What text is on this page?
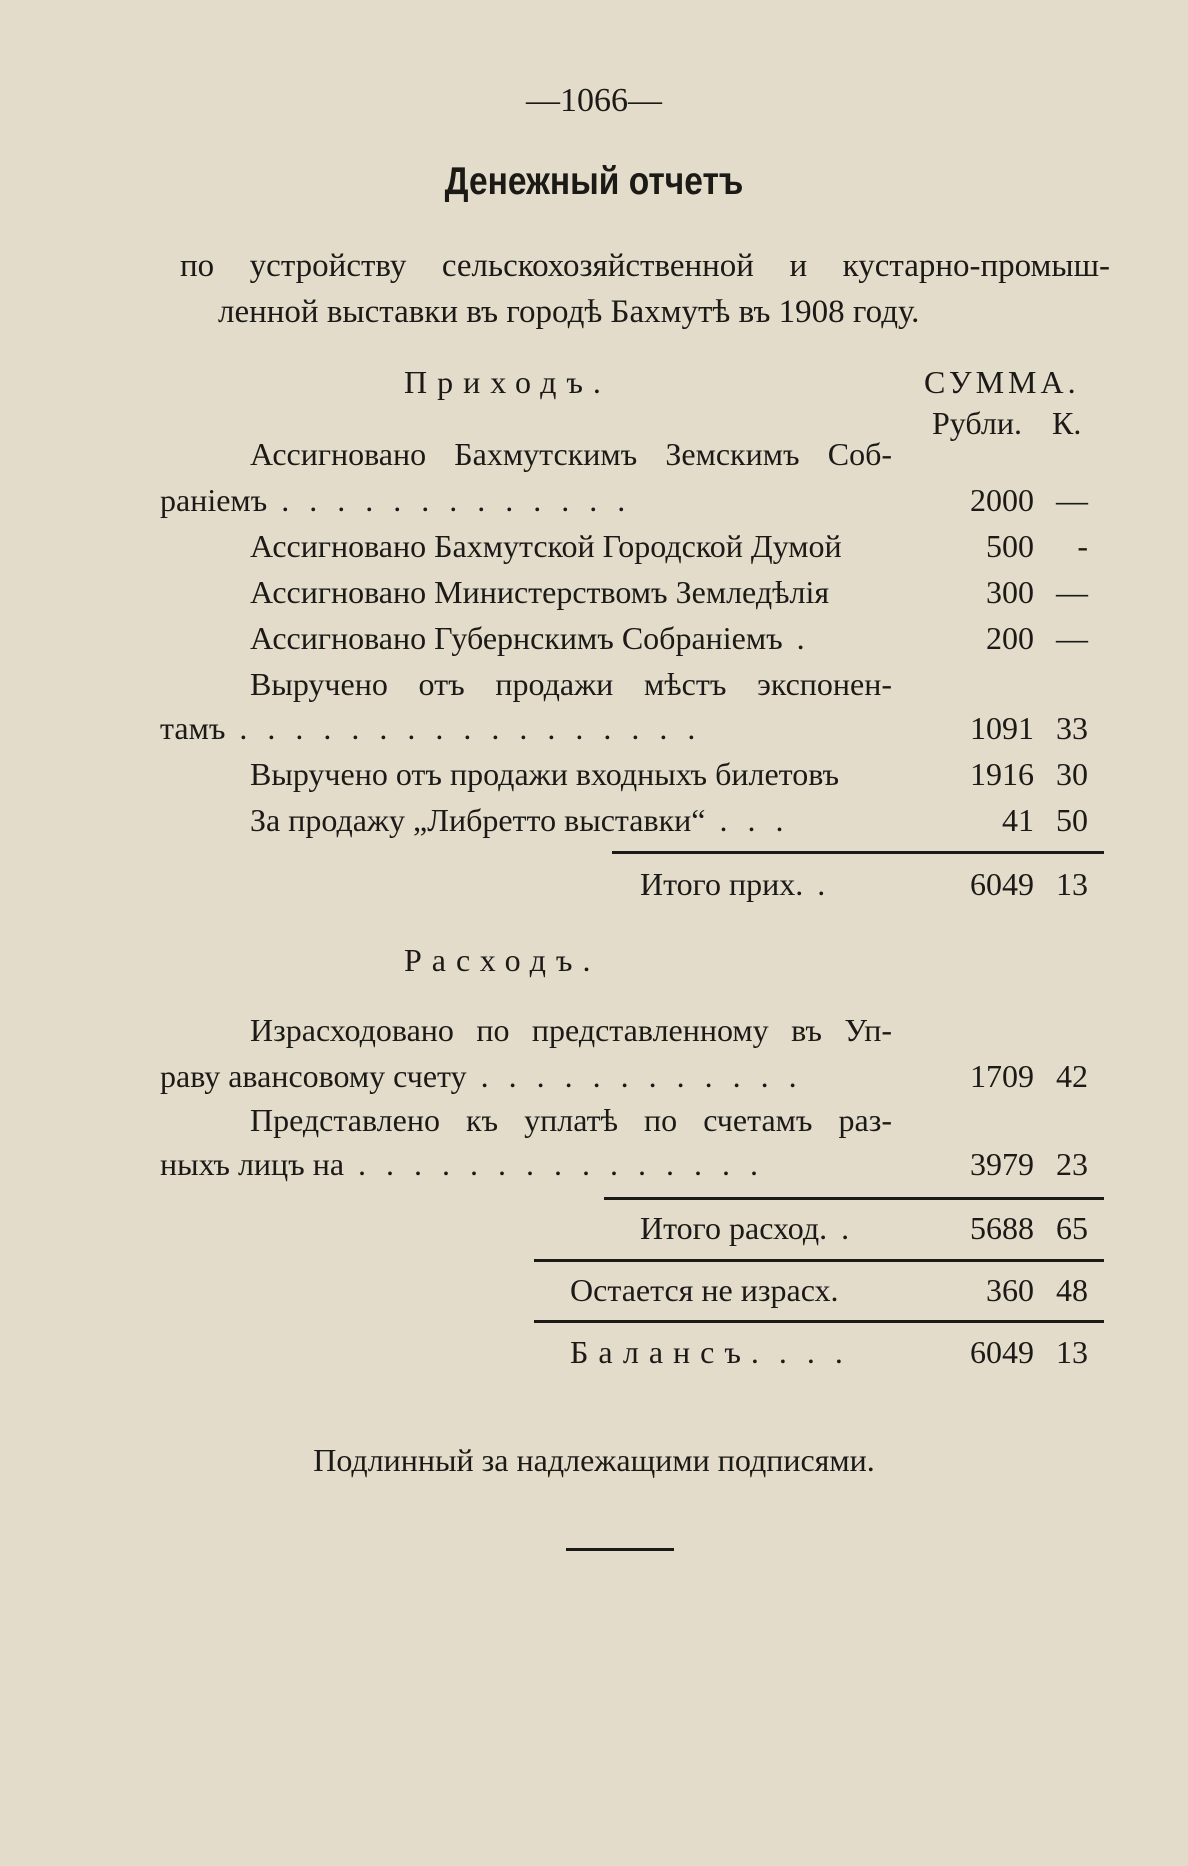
—1066—
Денежный отчетъ
по устройству сельскохозяйственной и кустарно-промыш-
ленной выставки въ городѣ Бахмутѣ въ 1908 году.
Приходъ.	СУММА.
Рубли. К.
Ассигновано Бахмутскимъ Земскимъ Соб-
раніемъ . . . . . . . . . . . . .	2000 —
Ассигновано Бахмутской Городской Думой	500	-
Ассигновано Министерствомъ Земледѣлія	300 —
Ассигновано Губернскимъ Собраніемъ .	200 —
Выручено отъ продажи мѣстъ экспонен-
тамъ . . . . . . . . . . . . . . . . .	1091 33
Выручено отъ продажи входныхъ билетовъ	1916 30
За продажу „Либретто выставки“ . . .	41 50
Итого прих. .	6049 13
Расходъ.
Израсходовано по представленному въ Уп-
раву авансовому счету . . . . . . . . . . . .	1709 42
Представлено къ уплатѣ по счетамъ раз-
ныхъ лицъ на . . . . . . . . . . . . . . .	3979 23
Итого расход. .	5688 65
Остается не израсх.	360 48
Балансъ. . . .	6049 13
Подлинный за надлежащими подписями.
